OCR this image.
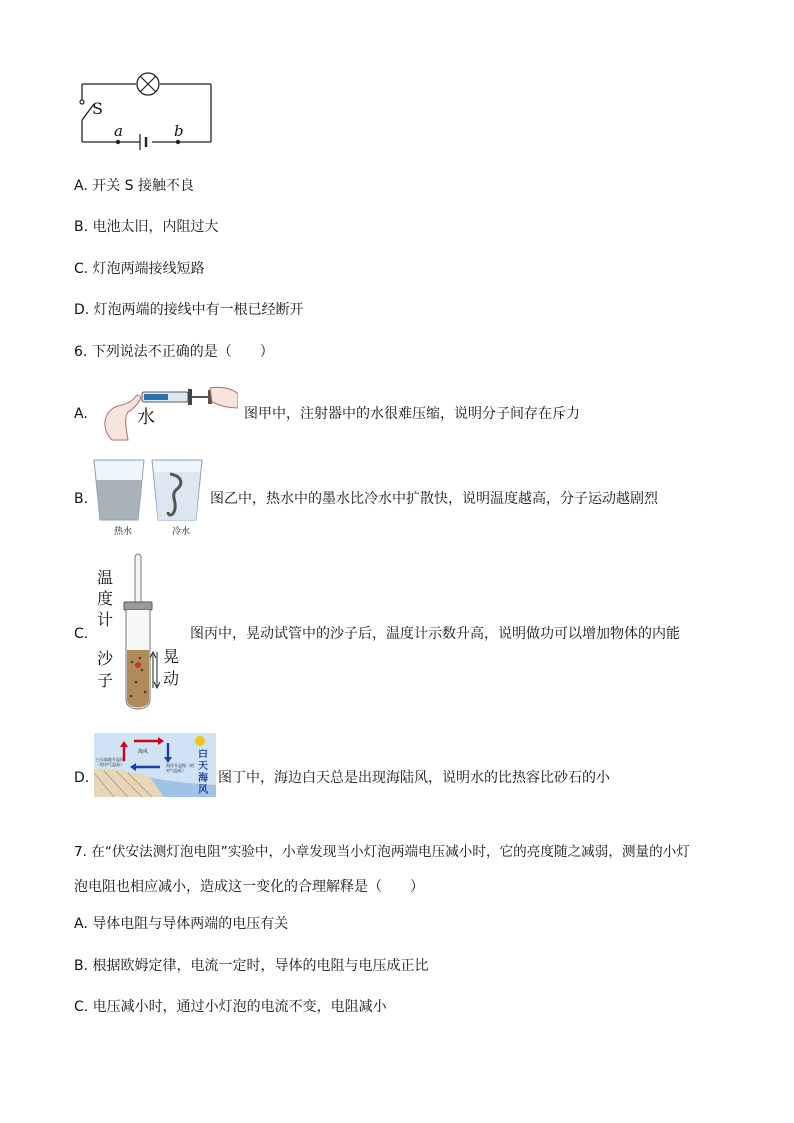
S
a	b
A. 开关 S 接触不良
B. 电池太旧，内阻过大
C. 灯泡两端接线短路
D. 灯泡两端的接线中有一根已经断开
6. 下列说法不正确的是（　　）
A.	水	图甲中，注射器中的水很难压缩，说明分子间存在斥力
B.
热水	冷水
图乙中，热水中的墨水比冷水中扩散快，说明温度越高，分子运动越剧烈
C.
温度计
沙子
晃动
图丙中，晃动试管中的沙子后，温度计示数升高，说明做功可以增加物体的内能
D.
海风
白天陆地升温快（相对气温高）	海洋升温慢（相对气温低）
白天海风
图丁中，海边白天总是出现海陆风，说明水的比热容比砂石的小
7. 在“伏安法测灯泡电阻”实验中，小章发现当小灯泡两端电压减小时，它的亮度随之减弱，测量的小灯
泡电阻也相应减小，造成这一变化的合理解释是（　　）
A. 导体电阻与导体两端的电压有关
B. 根据欧姆定律，电流一定时，导体的电阻与电压成正比
C. 电压减小时，通过小灯泡的电流不变，电阻减小
